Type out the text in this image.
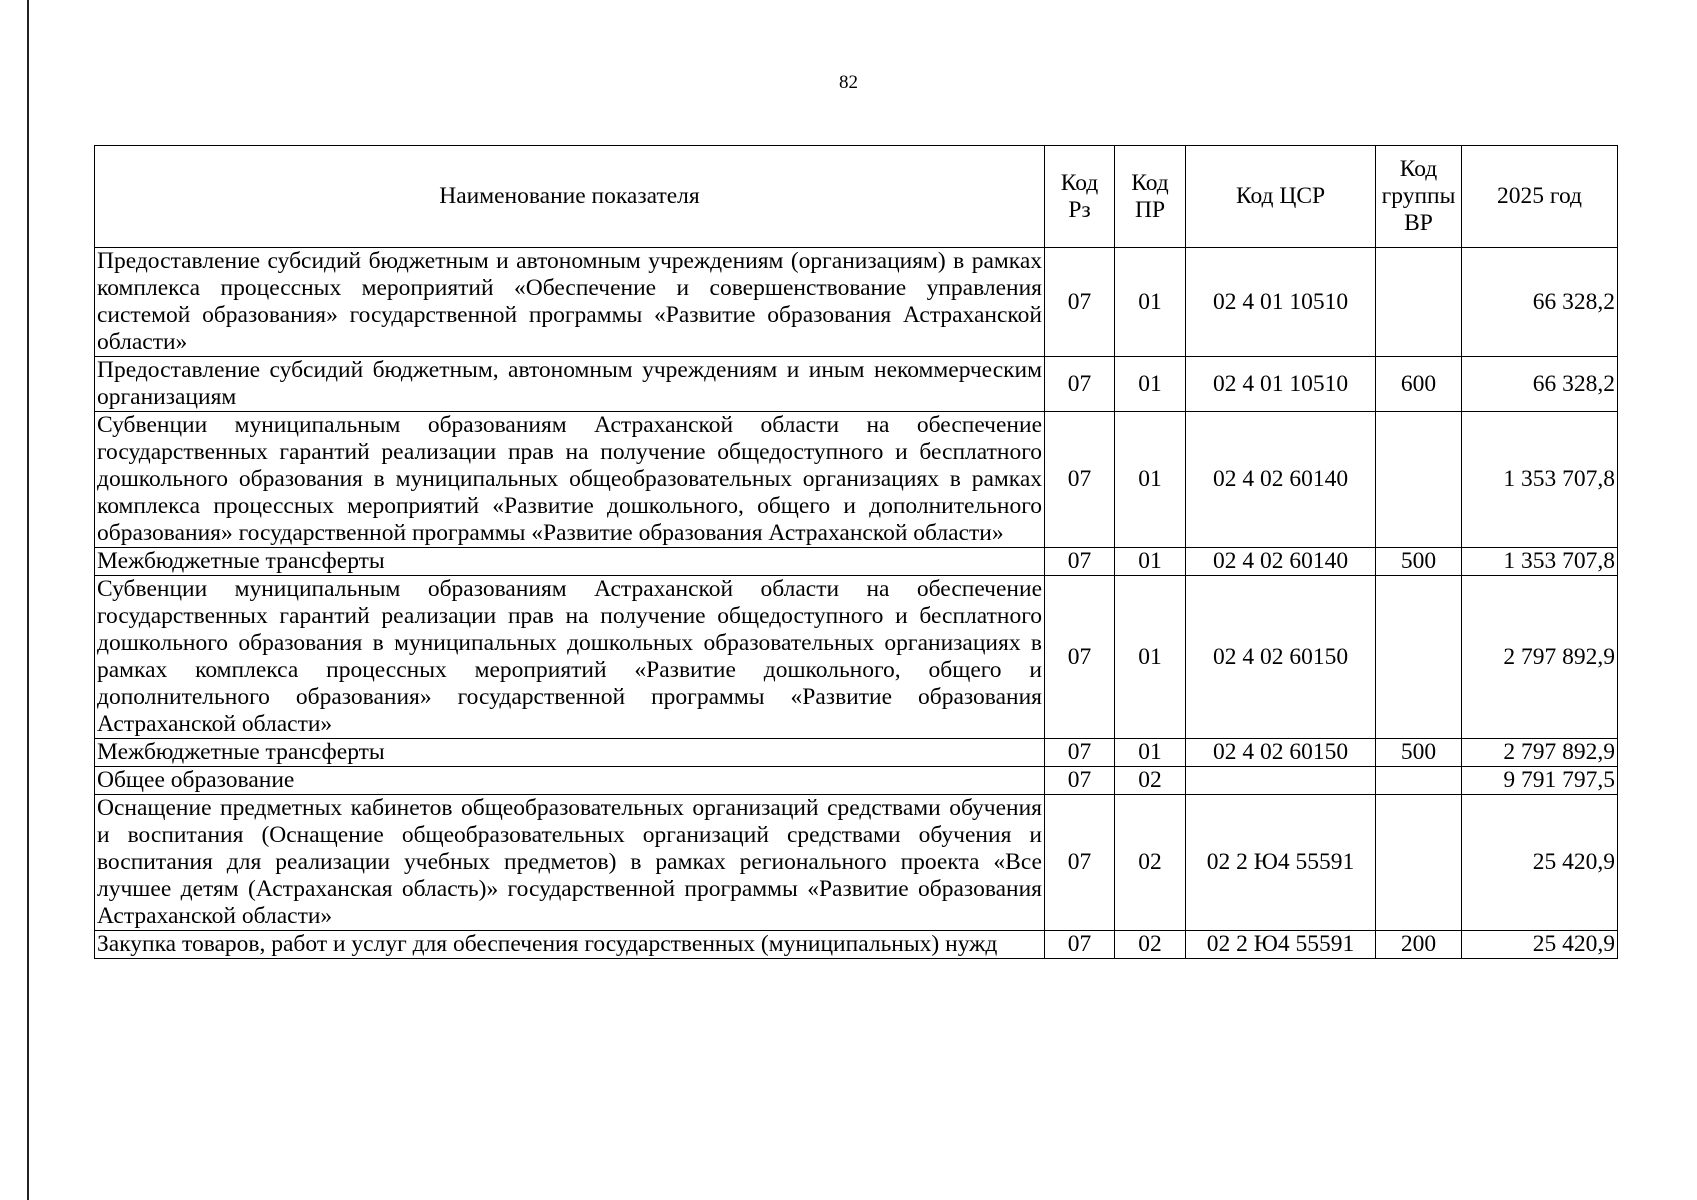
82
Наименование показателя	Код Рз	Код ПР	Код ЦСР	Код группы ВР	2025 год
Предоставление субсидий бюджетным и автономным учреждениям (организациям) в рамках комплекса процессных мероприятий «Обеспечение и совершенствование управления системой образования» государственной программы «Развитие образования Астраханской области»	07	01	02 4 01 10510		66 328,2
Предоставление субсидий бюджетным, автономным учреждениям и иным некоммерческим организациям	07	01	02 4 01 10510	600	66 328,2
Субвенции муниципальным образованиям Астраханской области на обеспечение государственных гарантий реализации прав на получение общедоступного и бесплатного дошкольного образования в муниципальных общеобразовательных организациях в рамках комплекса процессных мероприятий «Развитие дошкольного, общего и дополнительного образования» государственной программы «Развитие образования Астраханской области»	07	01	02 4 02 60140		1 353 707,8
Межбюджетные трансферты	07	01	02 4 02 60140	500	1 353 707,8
Субвенции муниципальным образованиям Астраханской области на обеспечение государственных гарантий реализации прав на получение общедоступного и бесплатного дошкольного образования в муниципальных дошкольных образовательных организациях в рамках комплекса процессных мероприятий «Развитие дошкольного, общего и дополнительного образования» государственной программы «Развитие образования Астраханской области»	07	01	02 4 02 60150		2 797 892,9
Межбюджетные трансферты	07	01	02 4 02 60150	500	2 797 892,9
Общее образование	07	02			9 791 797,5
Оснащение предметных кабинетов общеобразовательных организаций средствами обучения и воспитания (Оснащение общеобразовательных организаций средствами обучения и воспитания для реализации учебных предметов) в рамках регионального проекта «Все лучшее детям (Астраханская область)» государственной программы «Развитие образования Астраханской области»	07	02	02 2 Ю4 55591		25 420,9
Закупка товаров, работ и услуг для обеспечения государственных (муниципальных) нужд	07	02	02 2 Ю4 55591	200	25 420,9
